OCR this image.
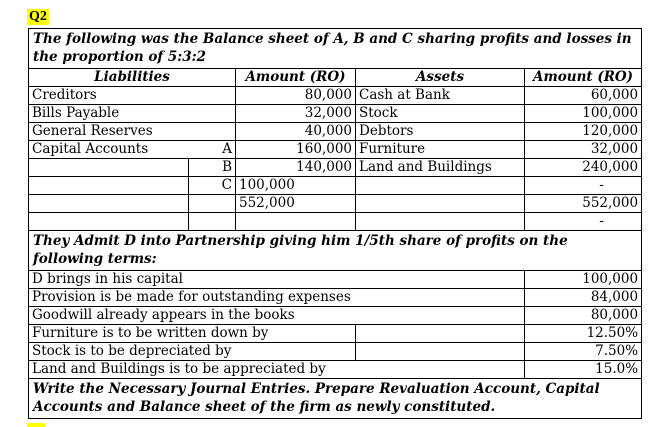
Q2
The following was the Balance sheet of A, B and C sharing profits and losses in the proportion of 5:3:2				
Liabilities		Amount (RO)	Assets	Amount (RO)
Creditors		80,000	Cash at Bank	60,000
Bills Payable		32,000	Stock	100,000
General Reserves		40,000	Debtors	120,000
Capital Accounts	A	160,000	Furniture	32,000
	B	140,000	Land and Buildings	240,000
	C	100,000		-
		552,000		552,000
				-
They Admit D into Partnership giving him 1/5th share of profits on the following terms:				
D brings in his capital				100,000
Provision is be made for outstanding expenses				84,000
Goodwill already appears in the books				80,000
Furniture is to be written down by				12.50%
Stock is to be depreciated by				7.50%
Land and Buildings is to be appreciated by				15.0%
Write the Necessary Journal Entries. Prepare Revaluation Account, Capital Accounts and Balance sheet of the firm as newly constituted.				
